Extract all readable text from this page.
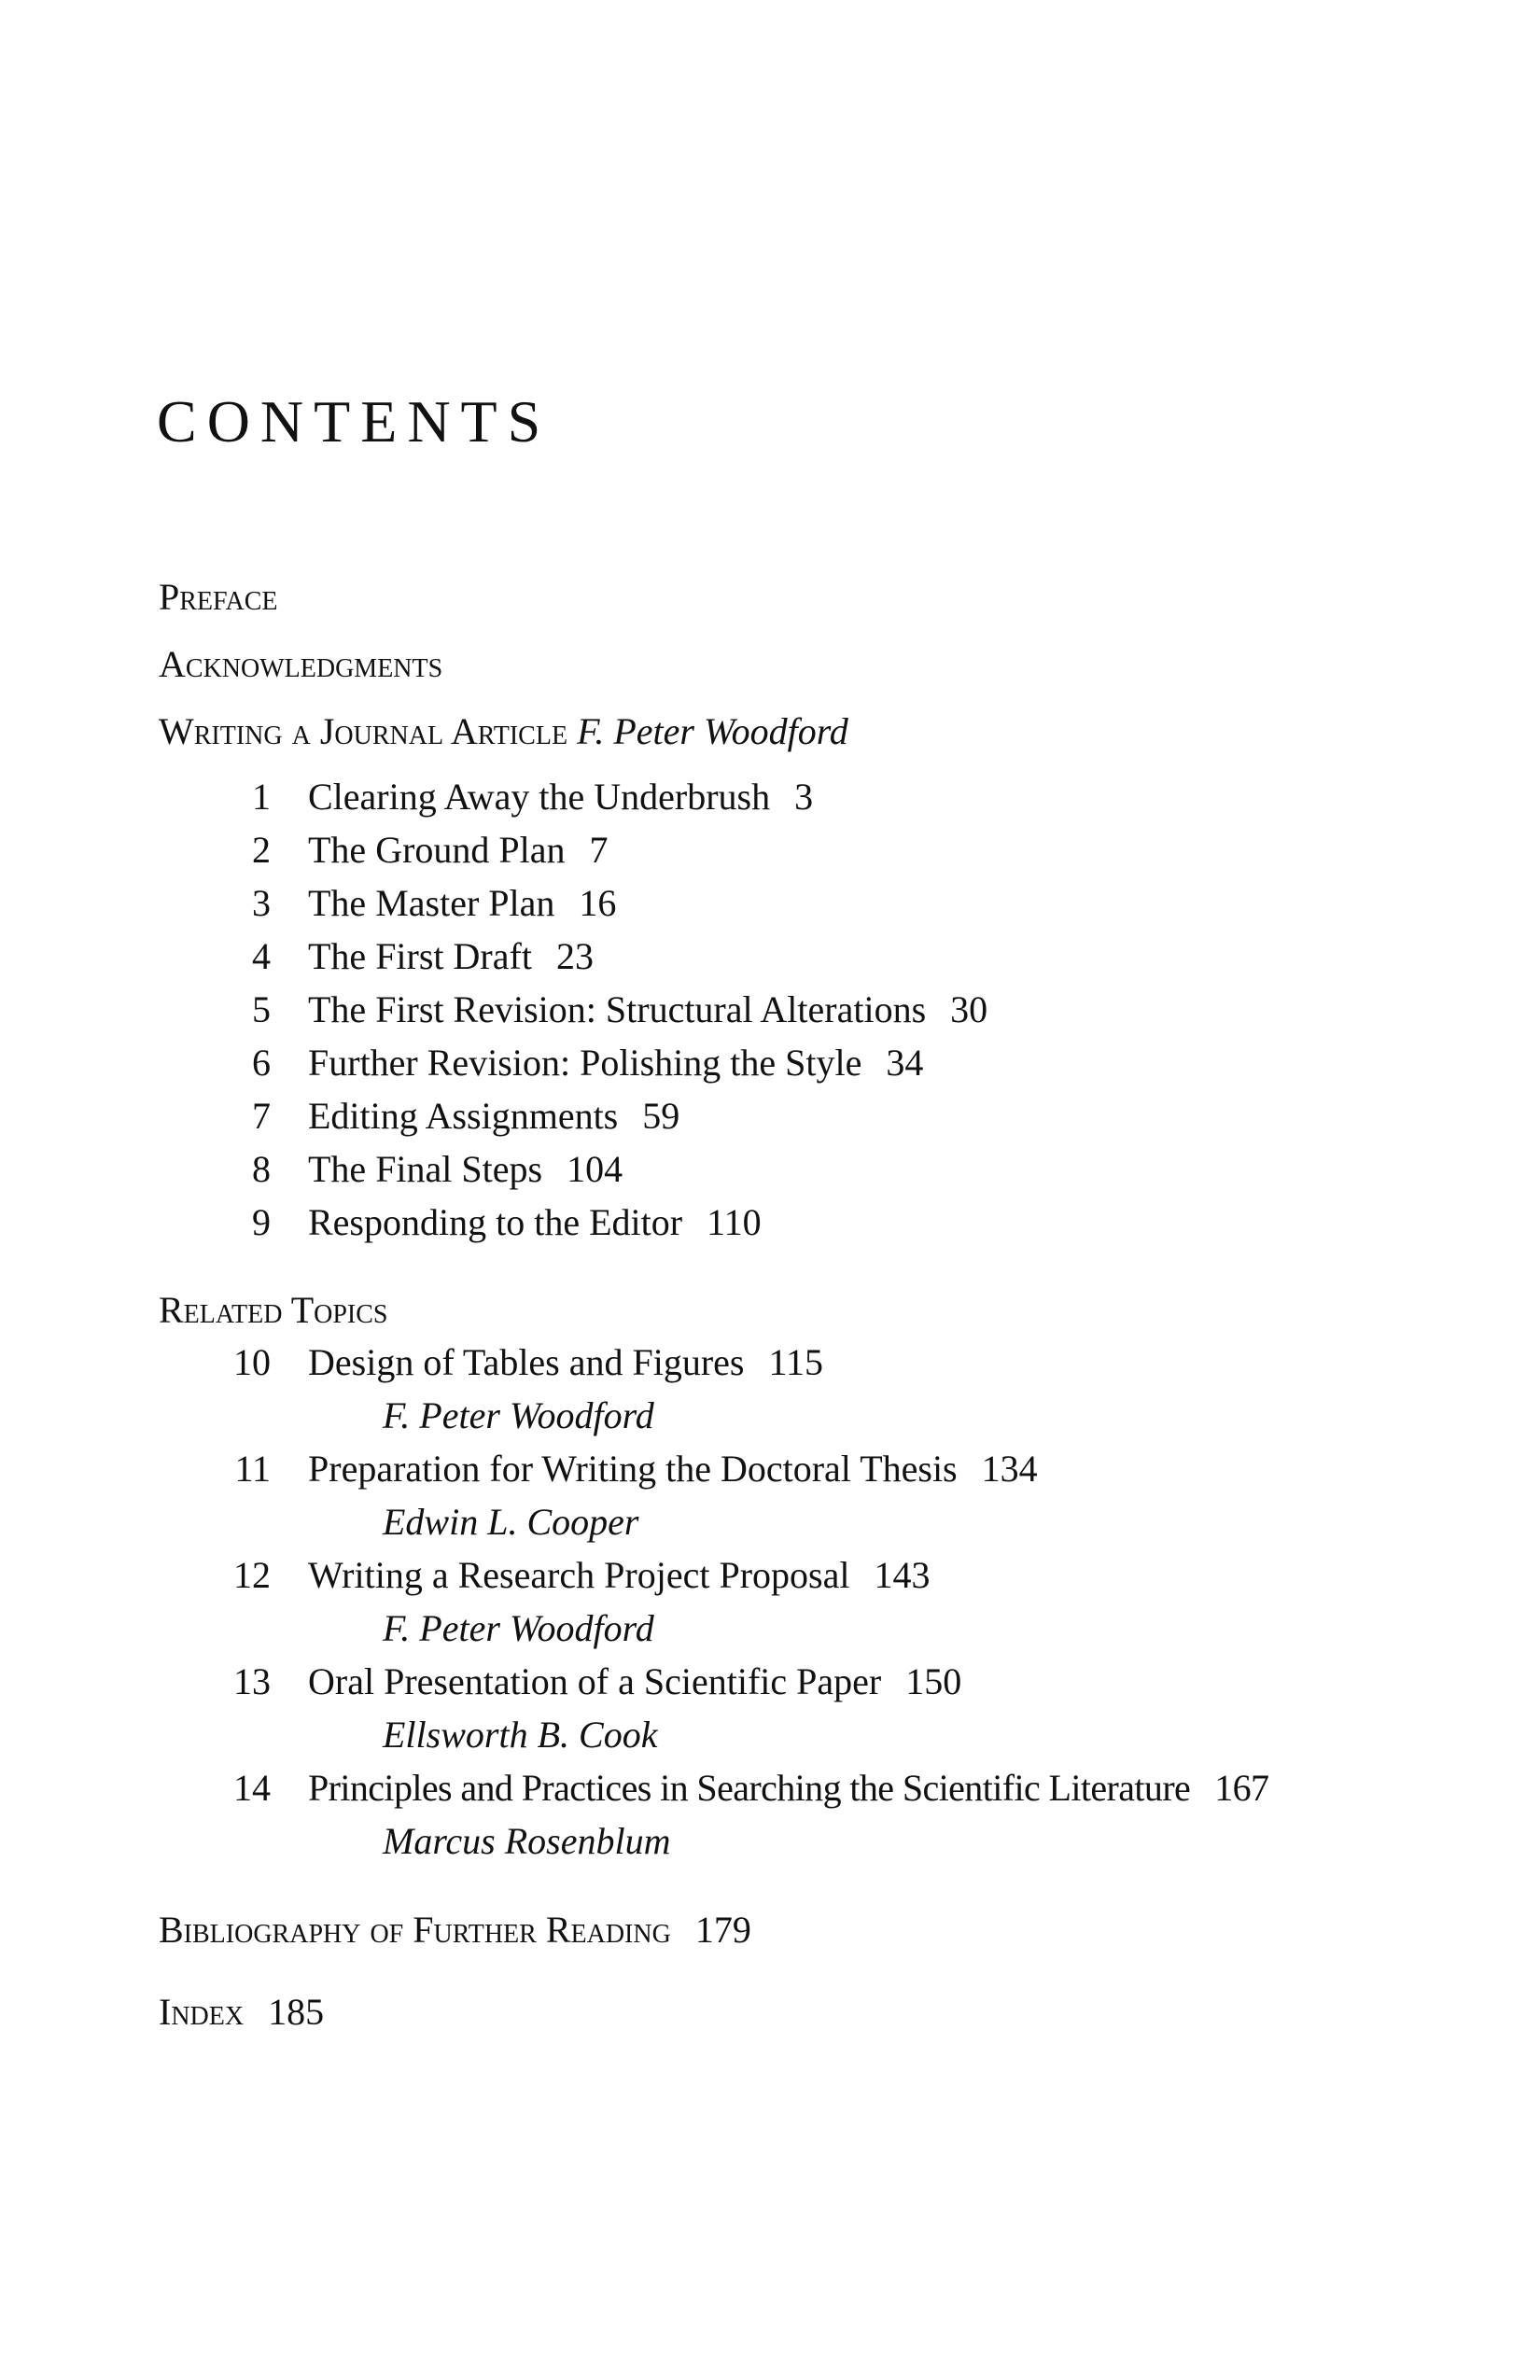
CONTENTS
Preface
Acknowledgments
Writing a Journal Article F. Peter Woodford
1 Clearing Away the Underbrush 3
2 The Ground Plan 7
3 The Master Plan 16
4 The First Draft 23
5 The First Revision: Structural Alterations 30
6 Further Revision: Polishing the Style 34
7 Editing Assignments 59
8 The Final Steps 104
9 Responding to the Editor 110
Related Topics
10 Design of Tables and Figures 115
F. Peter Woodford
11 Preparation for Writing the Doctoral Thesis 134
Edwin L. Cooper
12 Writing a Research Project Proposal 143
F. Peter Woodford
13 Oral Presentation of a Scientific Paper 150
Ellsworth B. Cook
14 Principles and Practices in Searching the Scientific Literature 167
Marcus Rosenblum
Bibliography of Further Reading 179
Index 185
